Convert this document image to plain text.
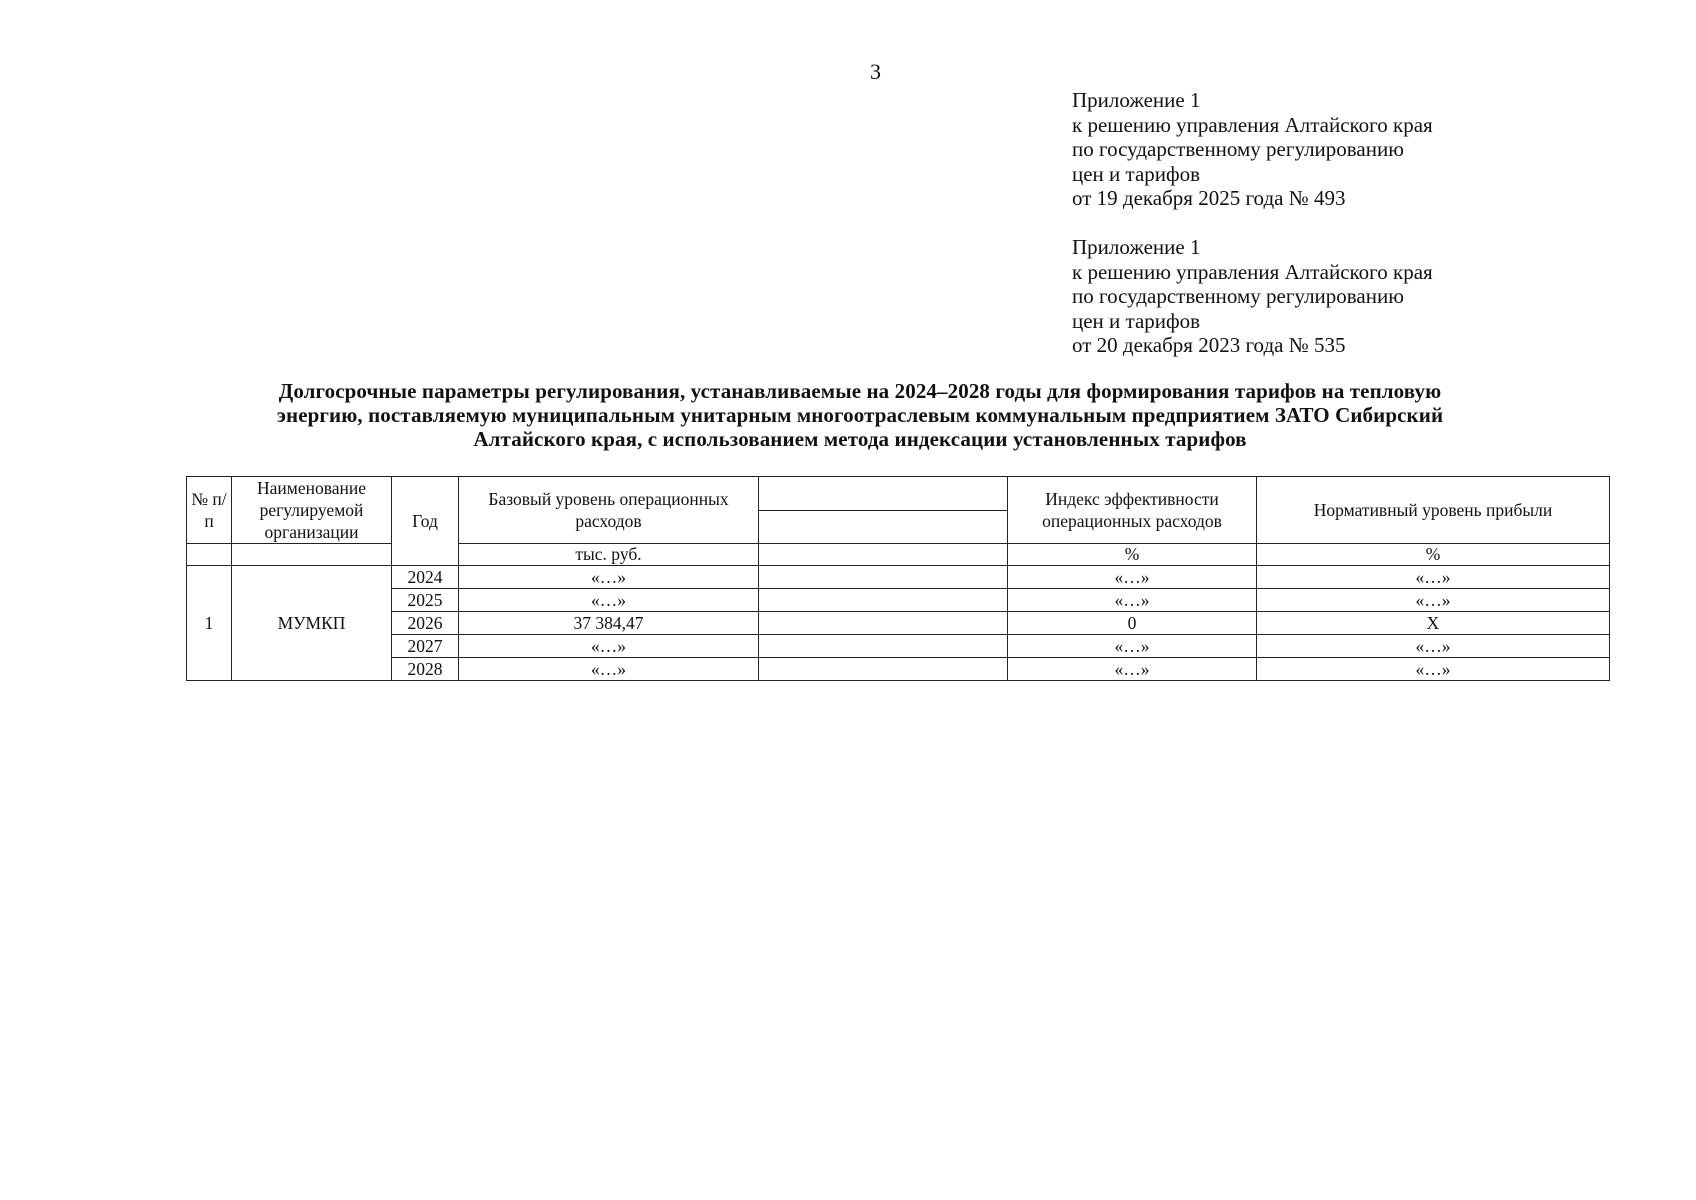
3
Приложение 1
к решению управления Алтайского края
по государственному регулированию
цен и тарифов
от 19 декабря 2025 года № 493
Приложение 1
к решению управления Алтайского края
по государственному регулированию
цен и тарифов
от 20 декабря 2023 года № 535
Долгосрочные параметры регулирования, устанавливаемые на 2024–2028 годы для формирования тарифов на тепловую
энергию, поставляемую муниципальным унитарным многоотраслевым коммунальным предприятием ЗАТО Сибирский
Алтайского края, с использованием метода индексации установленных тарифов
№ п/ п	Наименование регулируемой организации	Год	Базовый уровень операционных расходов		Индекс эффективности операционных расходов	Нормативный уровень прибыли

			тыс. руб.		%	%
1	МУМКП	2024	«…»		«…»	«…»
		2025	«…»		«…»	«…»
		2026	37 384,47		0	Х
		2027	«…»		«…»	«…»
		2028	«…»		«…»	«…»
